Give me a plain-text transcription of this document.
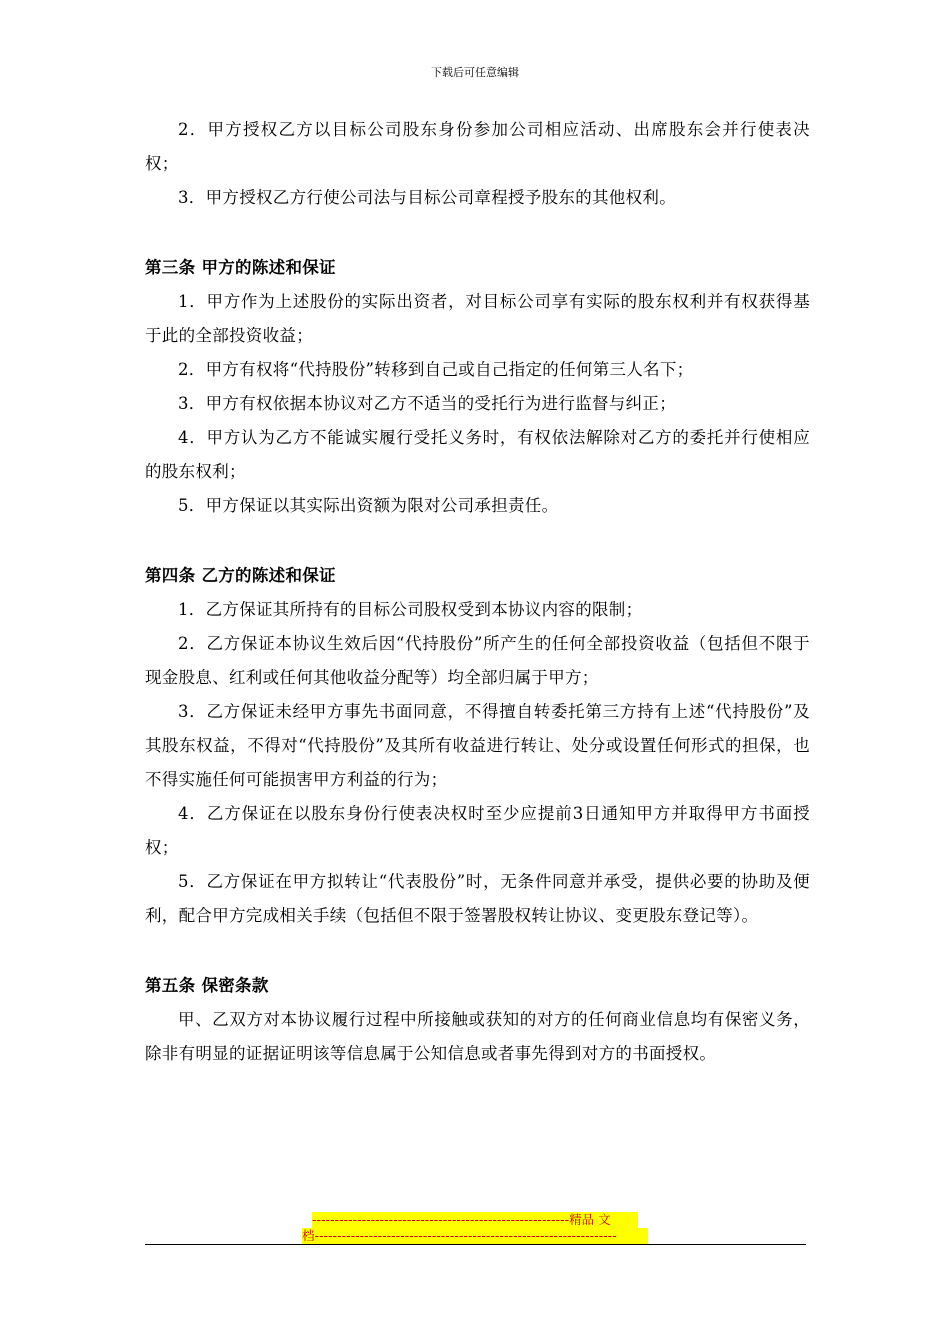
下载后可任意编辑

2．甲方授权乙方以目标公司股东身份参加公司相应活动、出席股东会并行使表决权；

3．甲方授权乙方行使公司法与目标公司章程授予股东的其他权利。

第三条 甲方的陈述和保证

1．甲方作为上述股份的实际出资者，对目标公司享有实际的股东权利并有权获得基于此的全部投资收益；

2．甲方有权将“代持股份”转移到自己或自己指定的任何第三人名下；

3．甲方有权依据本协议对乙方不适当的受托行为进行监督与纠正；

4．甲方认为乙方不能诚实履行受托义务时，有权依法解除对乙方的委托并行使相应的股东权利；

5．甲方保证以其实际出资额为限对公司承担责任。

第四条 乙方的陈述和保证

1．乙方保证其所持有的目标公司股权受到本协议内容的限制；

2．乙方保证本协议生效后因“代持股份”所产生的任何全部投资收益（包括但不限于现金股息、红利或任何其他收益分配等）均全部归属于甲方；

3．乙方保证未经甲方事先书面同意，不得擅自转委托第三方持有上述“代持股份”及其股东权益，不得对“代持股份”及其所有收益进行转让、处分或设置任何形式的担保，也不得实施任何可能损害甲方利益的行为；

4．乙方保证在以股东身份行使表决权时至少应提前3日通知甲方并取得甲方书面授权；

5．乙方保证在甲方拟转让“代表股份”时，无条件同意并承受，提供必要的协助及便利，配合甲方完成相关手续（包括但不限于签署股权转让协议、变更股东登记等）。

第五条 保密条款

甲、乙双方对本协议履行过程中所接触或获知的对方的任何商业信息均有保密义务，除非有明显的证据证明该等信息属于公知信息或者事先得到对方的书面授权。

---------------------------------------------------------精品 文
档-------------------------------------------------------------------
